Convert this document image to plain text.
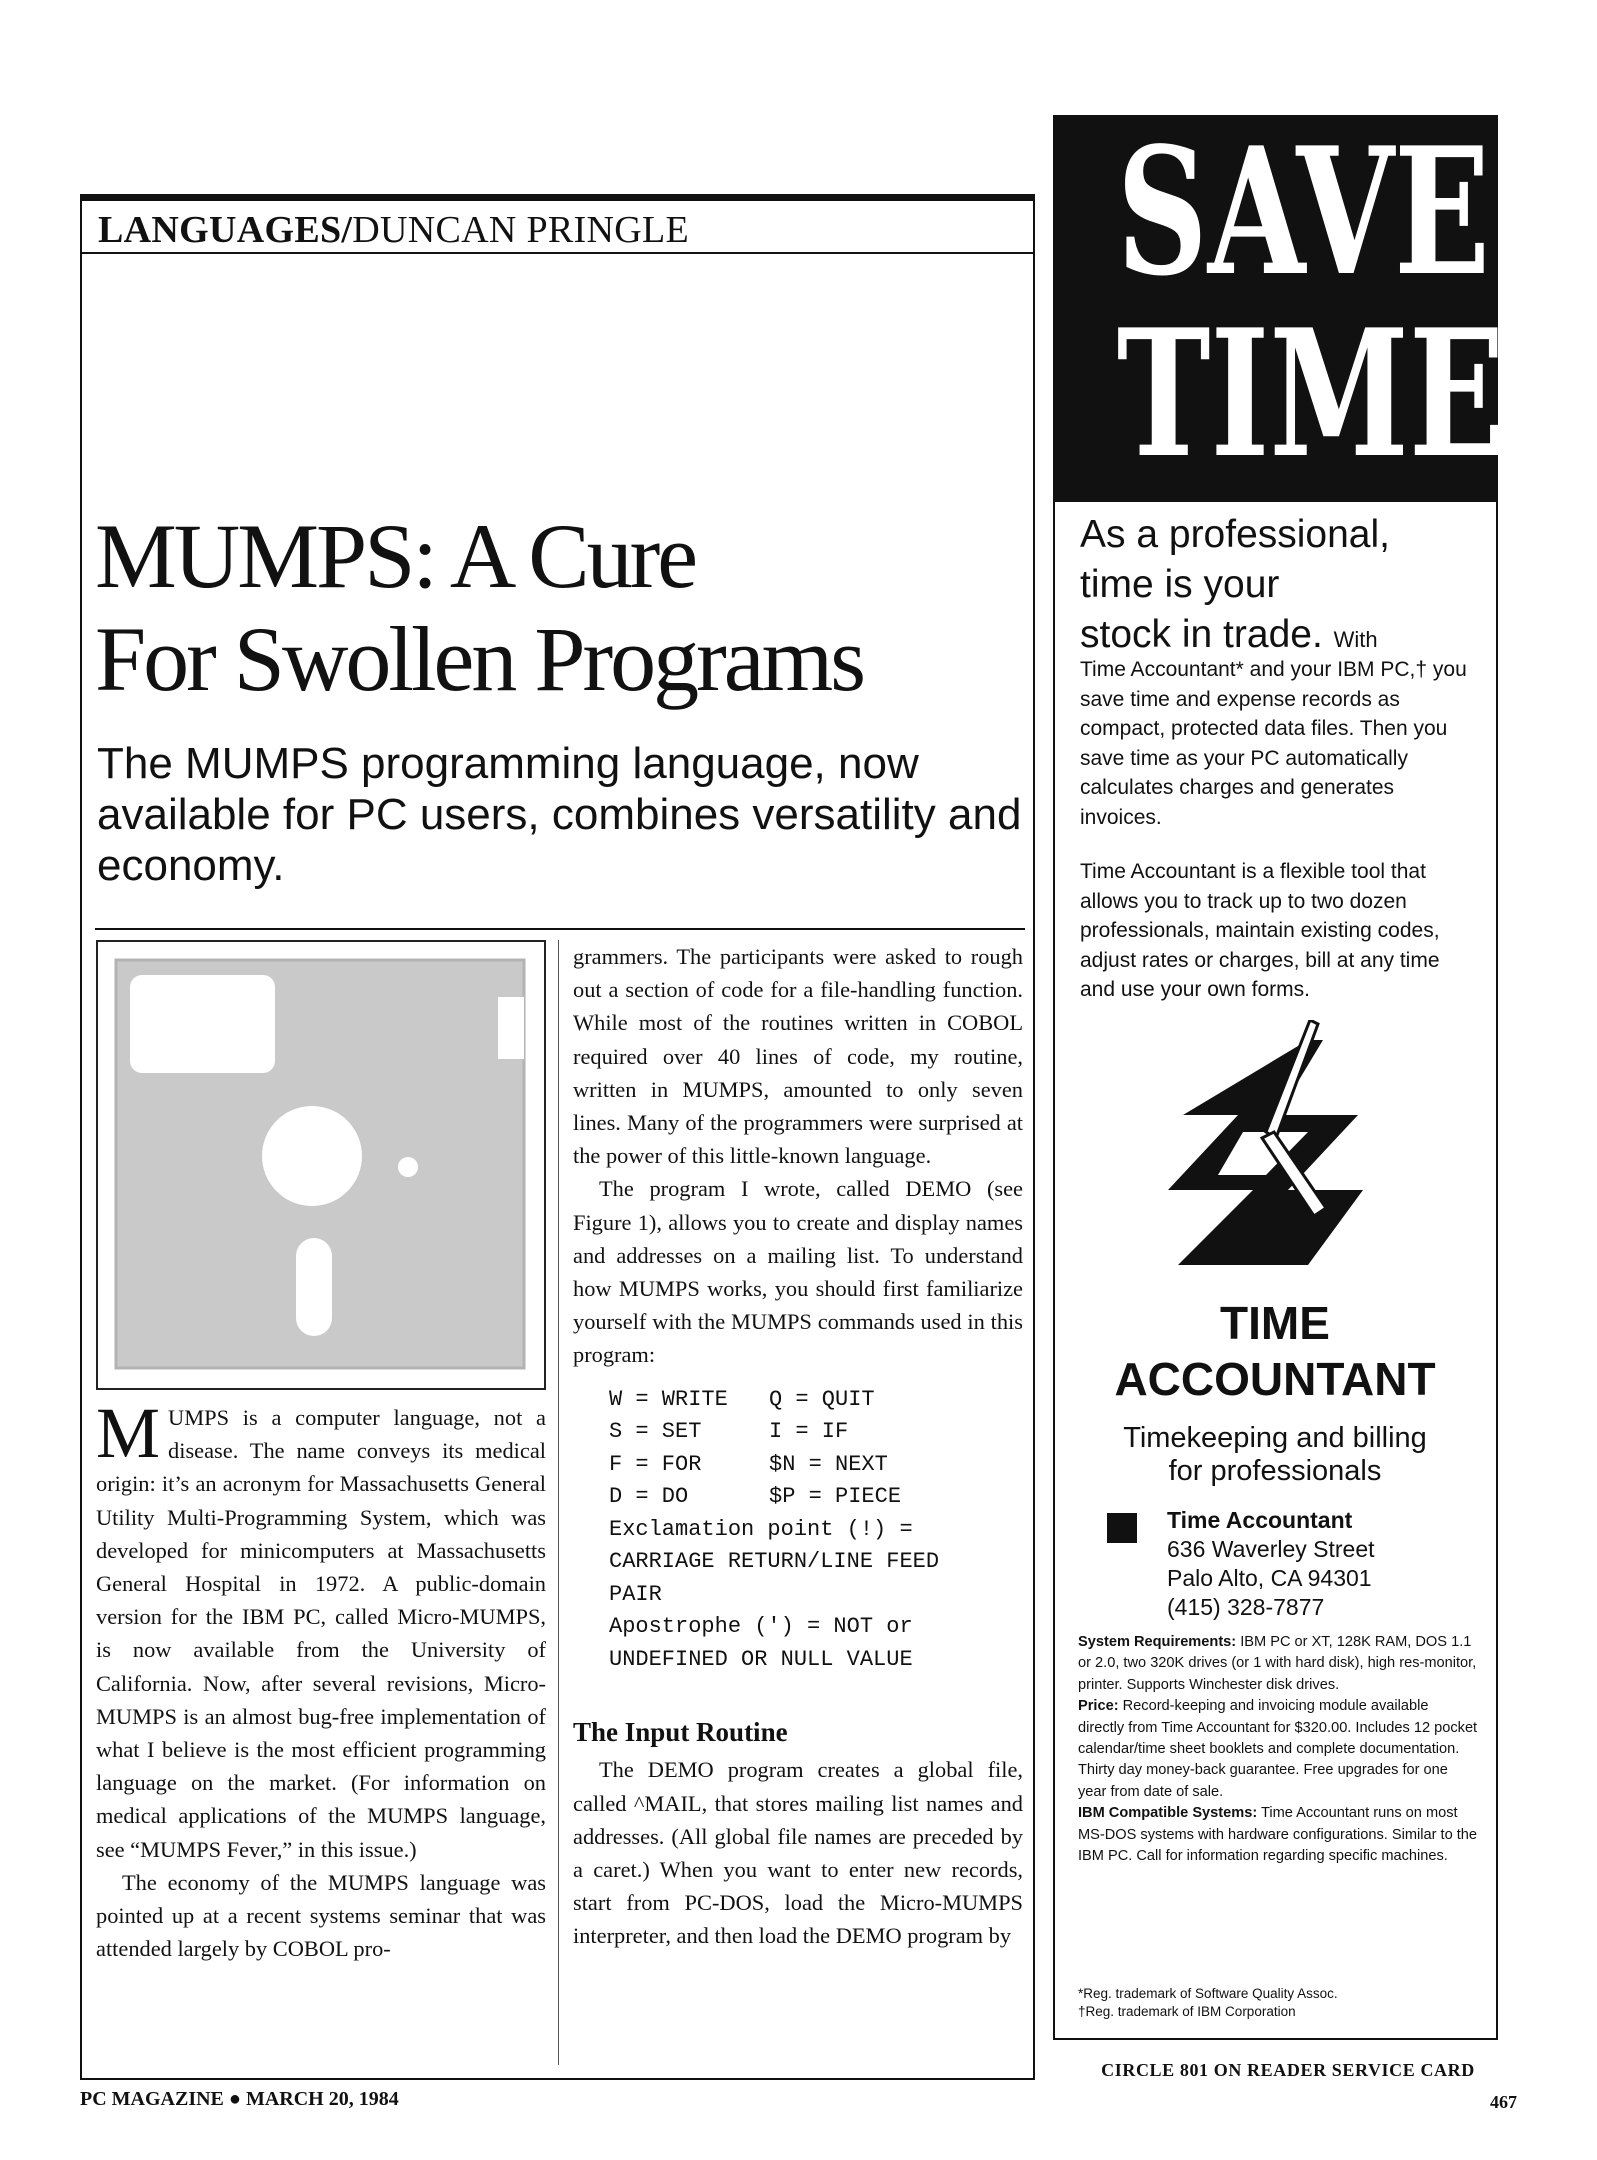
LANGUAGES/DUNCAN PRINGLE
MUMPS: A Cure
For Swollen Programs
The MUMPS programming language, now available for PC users, combines versatility and economy.

MUMPS is a computer language, not a disease. The name conveys its medical origin: it’s an acronym for Massachusetts General Utility Multi-Programming System, which was developed for minicomputers at Massachusetts General Hospital in 1972. A public-domain version for the IBM PC, called Micro-MUMPS, is now available from the University of California. Now, after several revisions, Micro-MUMPS is an almost bug-free implementation of what I believe is the most efficient programming language on the market. (For information on medical applications of the MUMPS language, see “MUMPS Fever,” in this issue.)

The economy of the MUMPS language was pointed up at a recent systems seminar that was attended largely by COBOL pro-

grammers. The participants were asked to rough out a section of code for a file-handling function. While most of the routines written in COBOL required over 40 lines of code, my routine, written in MUMPS, amounted to only seven lines. Many of the programmers were surprised at the power of this little-known language.

The program I wrote, called DEMO (see Figure 1), allows you to create and display names and addresses on a mailing list. To understand how MUMPS works, you should first familiarize yourself with the MUMPS commands used in this program:

W = WRITE	Q = QUIT
S = SET	I = IF
F = FOR	$N = NEXT
D = DO	$P = PIECE
Exclamation point (!) =
CARRIAGE RETURN/LINE FEED
PAIR
Apostrophe (') = NOT or
UNDEFINED OR NULL VALUE
The Input Routine

The DEMO program creates a global file, called ^MAIL, that stores mailing list names and addresses. (All global file names are preceded by a caret.) When you want to enter new records, start from PC-DOS, load the Micro-MUMPS interpreter, and then load the DEMO program by

PC MAGAZINE ● MARCH 20, 1984
SAVE
TIME
As a professional,
time is your
stock in trade. With
Time Accountant* and your IBM PC,† you save time and expense records as compact, protected data files. Then you save time as your PC automatically calculates charges and generates invoices.
Time Accountant is a flexible tool that allows you to track up to two dozen professionals, maintain existing codes, adjust rates or charges, bill at any time and use your own forms.
TIME
ACCOUNTANT
Timekeeping and billing
for professionals
Time Accountant
636 Waverley Street
Palo Alto, CA 94301
(415) 328-7877
System Requirements: IBM PC or XT, 128K RAM, DOS 1.1 or 2.0, two 320K drives (or 1 with hard disk), high res-monitor, printer. Supports Winchester disk drives.
Price: Record-keeping and invoicing module available directly from Time Accountant for $320.00. Includes 12 pocket calendar/time sheet booklets and complete documentation. Thirty day money-back guarantee. Free upgrades for one year from date of sale.
IBM Compatible Systems: Time Accountant runs on most MS-DOS systems with hardware configurations. Similar to the IBM PC. Call for information regarding specific machines.
*Reg. trademark of Software Quality Assoc.
†Reg. trademark of IBM Corporation
CIRCLE 801 ON READER SERVICE CARD
467
